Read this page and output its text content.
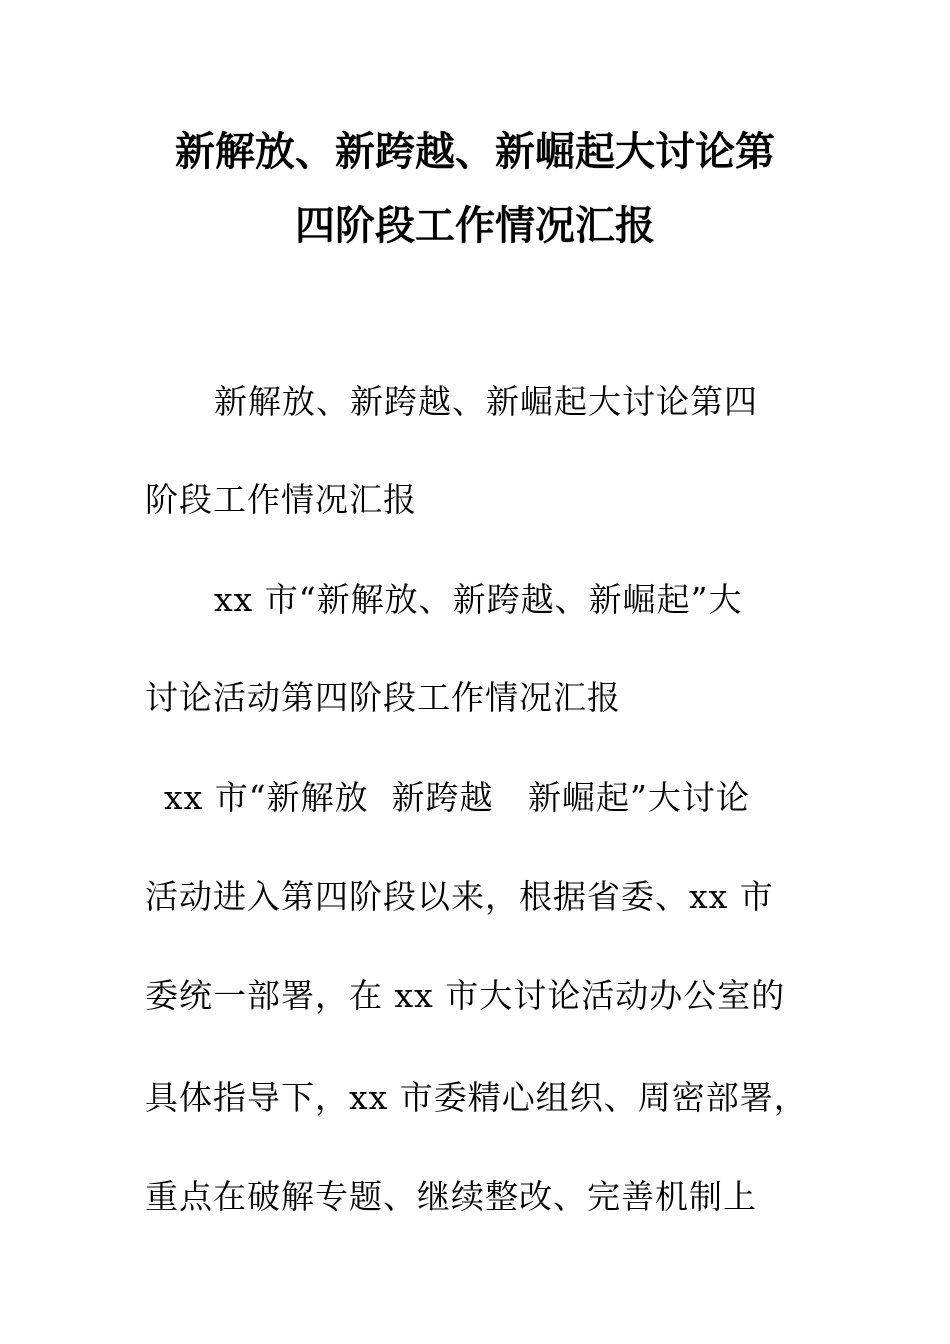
新解放、新跨越、新崛起大讨论第
四阶段工作情况汇报
新解放、新跨越、新崛起大讨论第四
阶段工作情况汇报
xx 市“新解放、新跨越、新崛起”大
讨论活动第四阶段工作情况汇报
xx 市“新解放  新跨越   新崛起”大讨论
活动进入第四阶段以来，根据省委、xx 市
委统一部署，在 xx 市大讨论活动办公室的
具体指导下，xx 市委精心组织、周密部署，
重点在破解专题、继续整改、完善机制上
